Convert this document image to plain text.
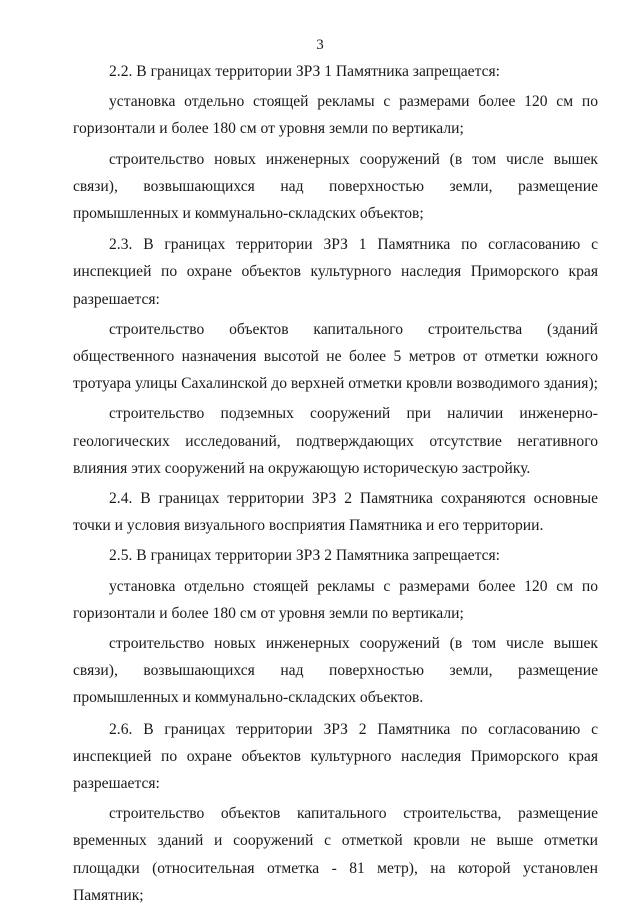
3

2.2. В границах территории ЗРЗ 1 Памятника запрещается:

установка отдельно стоящей рекламы с размерами более 120 см по горизонтали и более 180 см от уровня земли по вертикали;

строительство новых инженерных сооружений (в том числе вышек связи), возвышающихся над поверхностью земли, размещение промышленных и коммунально-складских объектов;

2.3. В границах территории ЗРЗ 1 Памятника по согласованию с инспекцией по охране объектов культурного наследия Приморского края разрешается:

строительство объектов капитального строительства (зданий общественного назначения высотой не более 5 метров от отметки южного тротуара улицы Сахалинской до верхней отметки кровли возводимого здания);

строительство подземных сооружений при наличии инженерно-геологических исследований, подтверждающих отсутствие негативного влияния этих сооружений на окружающую историческую застройку.

2.4. В границах территории ЗРЗ 2 Памятника сохраняются основные точки и условия визуального восприятия Памятника и его территории.

2.5. В границах территории ЗРЗ 2 Памятника запрещается:

установка отдельно стоящей рекламы с размерами более 120 см по горизонтали и более 180 см от уровня земли по вертикали;

строительство новых инженерных сооружений (в том числе вышек связи), возвышающихся над поверхностью земли, размещение промышленных и коммунально-складских объектов.

2.6. В границах территории ЗРЗ 2 Памятника по согласованию с инспекцией по охране объектов культурного наследия Приморского края разрешается:

строительство объектов капитального строительства, размещение временных зданий и сооружений с отметкой кровли не выше отметки площадки (относительная отметка - 81 метр), на которой установлен Памятник;
